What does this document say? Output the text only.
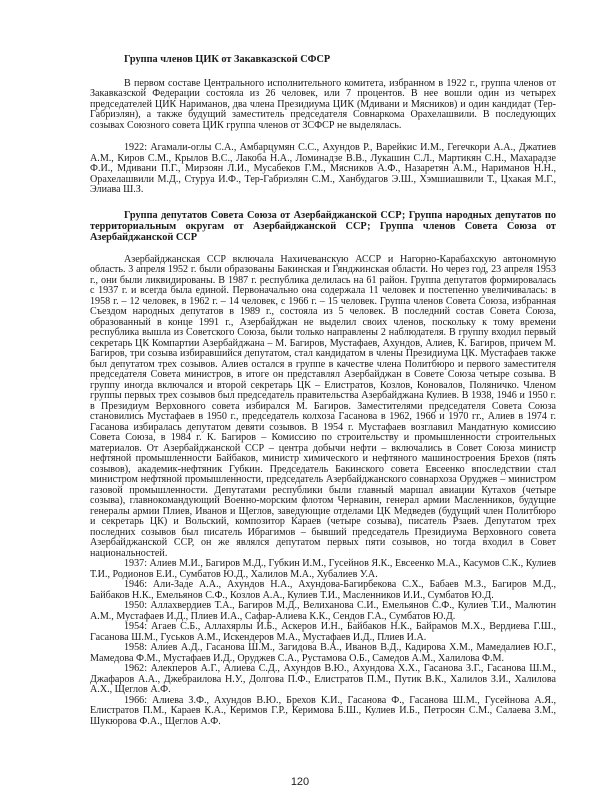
Группа членов ЦИК от Закавказской СФСР

В первом составе Центрального исполнительного комитета, избранном в 1922 г., группа членов от Закавказской Федерации состояла из 26 человек, или 7 процентов. В нее вошли один из четырех председателей ЦИК Нариманов, два члена Президиума ЦИК (Мдивани и Мясников) и один кандидат (Тер-Габриэлян), а также будущий заместитель председателя Совнаркома Орахелашвили. В последующих созывах Союзного совета ЦИК группа членов от ЗСФСР не выделялась.

1922: Агамали-оглы С.А., Амбарцумян С.С., Ахундов Р., Варейкис И.М., Гегечкори А.А., Джатиев А.М., Киров С.М., Крылов В.С., Лакоба Н.А., Ломинадзе В.В., Лукашин С.Л., Мартикян С.Н., Махарадзе Ф.И., Мдивани П.Г., Мирзоян Л.И., Мусабеков Г.М., Мясников А.Ф., Назаретян А.М., Нариманов Н.Н., Орахелашвили М.Д., Стуруа И.Ф., Тер-Габриэлян С.М., Ханбудагов Э.Ш., Хэмшиашвили Т., Цхакая М.Г., Элиава Ш.З.

Группа депутатов Совета Союза от Азербайджанской ССР; Группа народных депутатов по территориальным округам от Азербайджанской ССР; Группа членов Совета Союза от Азербайджанской ССР

Азербайджанская ССР включала Нахичеванскую АССР и Нагорно-Карабахскую автономную область. 3 апреля 1952 г. были образованы Бакинская и Гянджинская области. Но через год, 23 апреля 1953 г., они были ликвидированы. В 1987 г. республика делилась на 61 район. Группа депутатов формировалась с 1937 г. и всегда была единой. Первоначально она содержала 11 человек и постепенно увеличивалась: в 1958 г. – 12 человек, в 1962 г. – 14 человек, с 1966 г. – 15 человек. Группа членов Совета Союза, избранная Съездом народных депутатов в 1989 г., состояла из 5 человек. В последний состав Совета Союза, образованный в конце 1991 г., Азербайджан не выделил своих членов, поскольку к тому времени республика вышла из Советского Союза, были только направлены 2 наблюдателя. В группу входил первый секретарь ЦК Компартии Азербайджана – М. Багиров, Мустафаев, Ахундов, Алиев, К. Багиров, причем М. Багиров, три созыва избиравшийся депутатом, стал кандидатом в члены Президиума ЦК. Мустафаев также был депутатом трех созывов. Алиев остался в группе в качестве члена Политбюро и первого заместителя председателя Совета министров, в итоге он представлял Азербайджан в Совете Союза четыре созыва. В группу иногда включался и второй секретарь ЦК – Елистратов, Козлов, Коновалов, Поляничко. Членом группы первых трех созывов был председатель правительства Азербайджана Кулиев. В 1938, 1946 и 1950 г. в Президиум Верховного совета избирался М. Багиров. Заместителями председателя Совета Союза становились Мустафаев в 1950 г., председатель колхоза Гасанова в 1962, 1966 и 1970 гг., Алиев в 1974 г. Гасанова избиралась депутатом девяти созывов. В 1954 г. Мустафаев возглавил Мандатную комиссию Совета Союза, в 1984 г. К. Багиров – Комиссию по строительству и промышленности строительных материалов. От Азербайджанской ССР – центра добычи нефти – включались в Совет Союза министр нефтяной промышленности Байбаков, министр химического и нефтяного машиностроения Брехов (пять созывов), академик-нефтяник Губкин. Председатель Бакинского совета Евсеенко впоследствии стал министром нефтяной промышленности, председатель Азербайджанского совнархоза Оруджев – министром газовой промышленности. Депутатами республики были главный маршал авиации Кутахов (четыре созыва), главнокомандующий Военно-морским флотом Чернавин, генерал армии Масленников, будущие генералы армии Плиев, Иванов и Щеглов, заведующие отделами ЦК Медведев (будущий член Политбюро и секретарь ЦК) и Вольский, композитор Караев (четыре созыва), писатель Рзаев. Депутатом трех последних созывов был писатель Ибрагимов – бывший председатель Президиума Верховного совета Азербайджанской ССР, он же являлся депутатом первых пяти созывов, но тогда входил в Совет национальностей.

1937: Алиев М.И., Багиров М.Д., Губкин И.М., Гусейнов Я.К., Евсеенко М.А., Касумов С.К., Кулиев Т.И., Родионов Е.И., Сумбатов Ю.Д., Халилов М.А., Хубалиев У.А.

1946: Али-Заде А.А., Ахундов Н.А., Ахундова-Багирбекова С.Х., Бабаев М.З., Багиров М.Д., Байбаков Н.К., Емельянов С.Ф., Козлов А.А., Кулиев Т.И., Масленников И.И., Сумбатов Ю.Д.

1950: Аллахвердиев Т.А., Багиров М.Д., Велиханова С.И., Емельянов С.Ф., Кулиев Т.И., Малютин А.М., Мустафаев И.Д., Плиев И.А., Сафар-Алиева К.К., Сендов Г.А., Сумбатов Ю.Д.

1954: Агаев С.Б., Аллахярлы И.Б., Аскеров И.Н., Байбаков Н.К., Байрамов М.Х., Вердиева Г.Ш., Гасанова Ш.М., Гуськов А.М., Искендеров М.А., Мустафаев И.Д., Плиев И.А.

1958: Алиев А.Д., Гасанова Ш.М., Загидова В.А., Иванов В.Д., Кадирова Х.М., Мамедалиев Ю.Г., Мамедова Ф.М., Мустафаев И.Д., Оруджев С.А., Рустамова О.Б., Самедов А.М., Халилова Ф.М.

1962: Алекперов А.Г., Алиева С.Д., Ахундов В.Ю., Ахундова Х.Х., Гасанова З.Г., Гасанова Ш.М., Джафаров А.А., Джебраилова Н.У., Долгова П.Ф., Елистратов П.М., Путик В.К., Халилов З.И., Халилова А.Х., Щеглов А.Ф.

1966: Алиева З.Ф., Ахундов В.Ю., Брехов К.И., Гасанова Ф., Гасанова Ш.М., Гусейнова А.Я., Елистратов П.М., Караев К.А., Керимов Г.Р., Керимова Б.Ш., Кулиев И.Б., Петросян С.М., Салаева З.М., Шукюрова Ф.А., Щеглов А.Ф.

120
